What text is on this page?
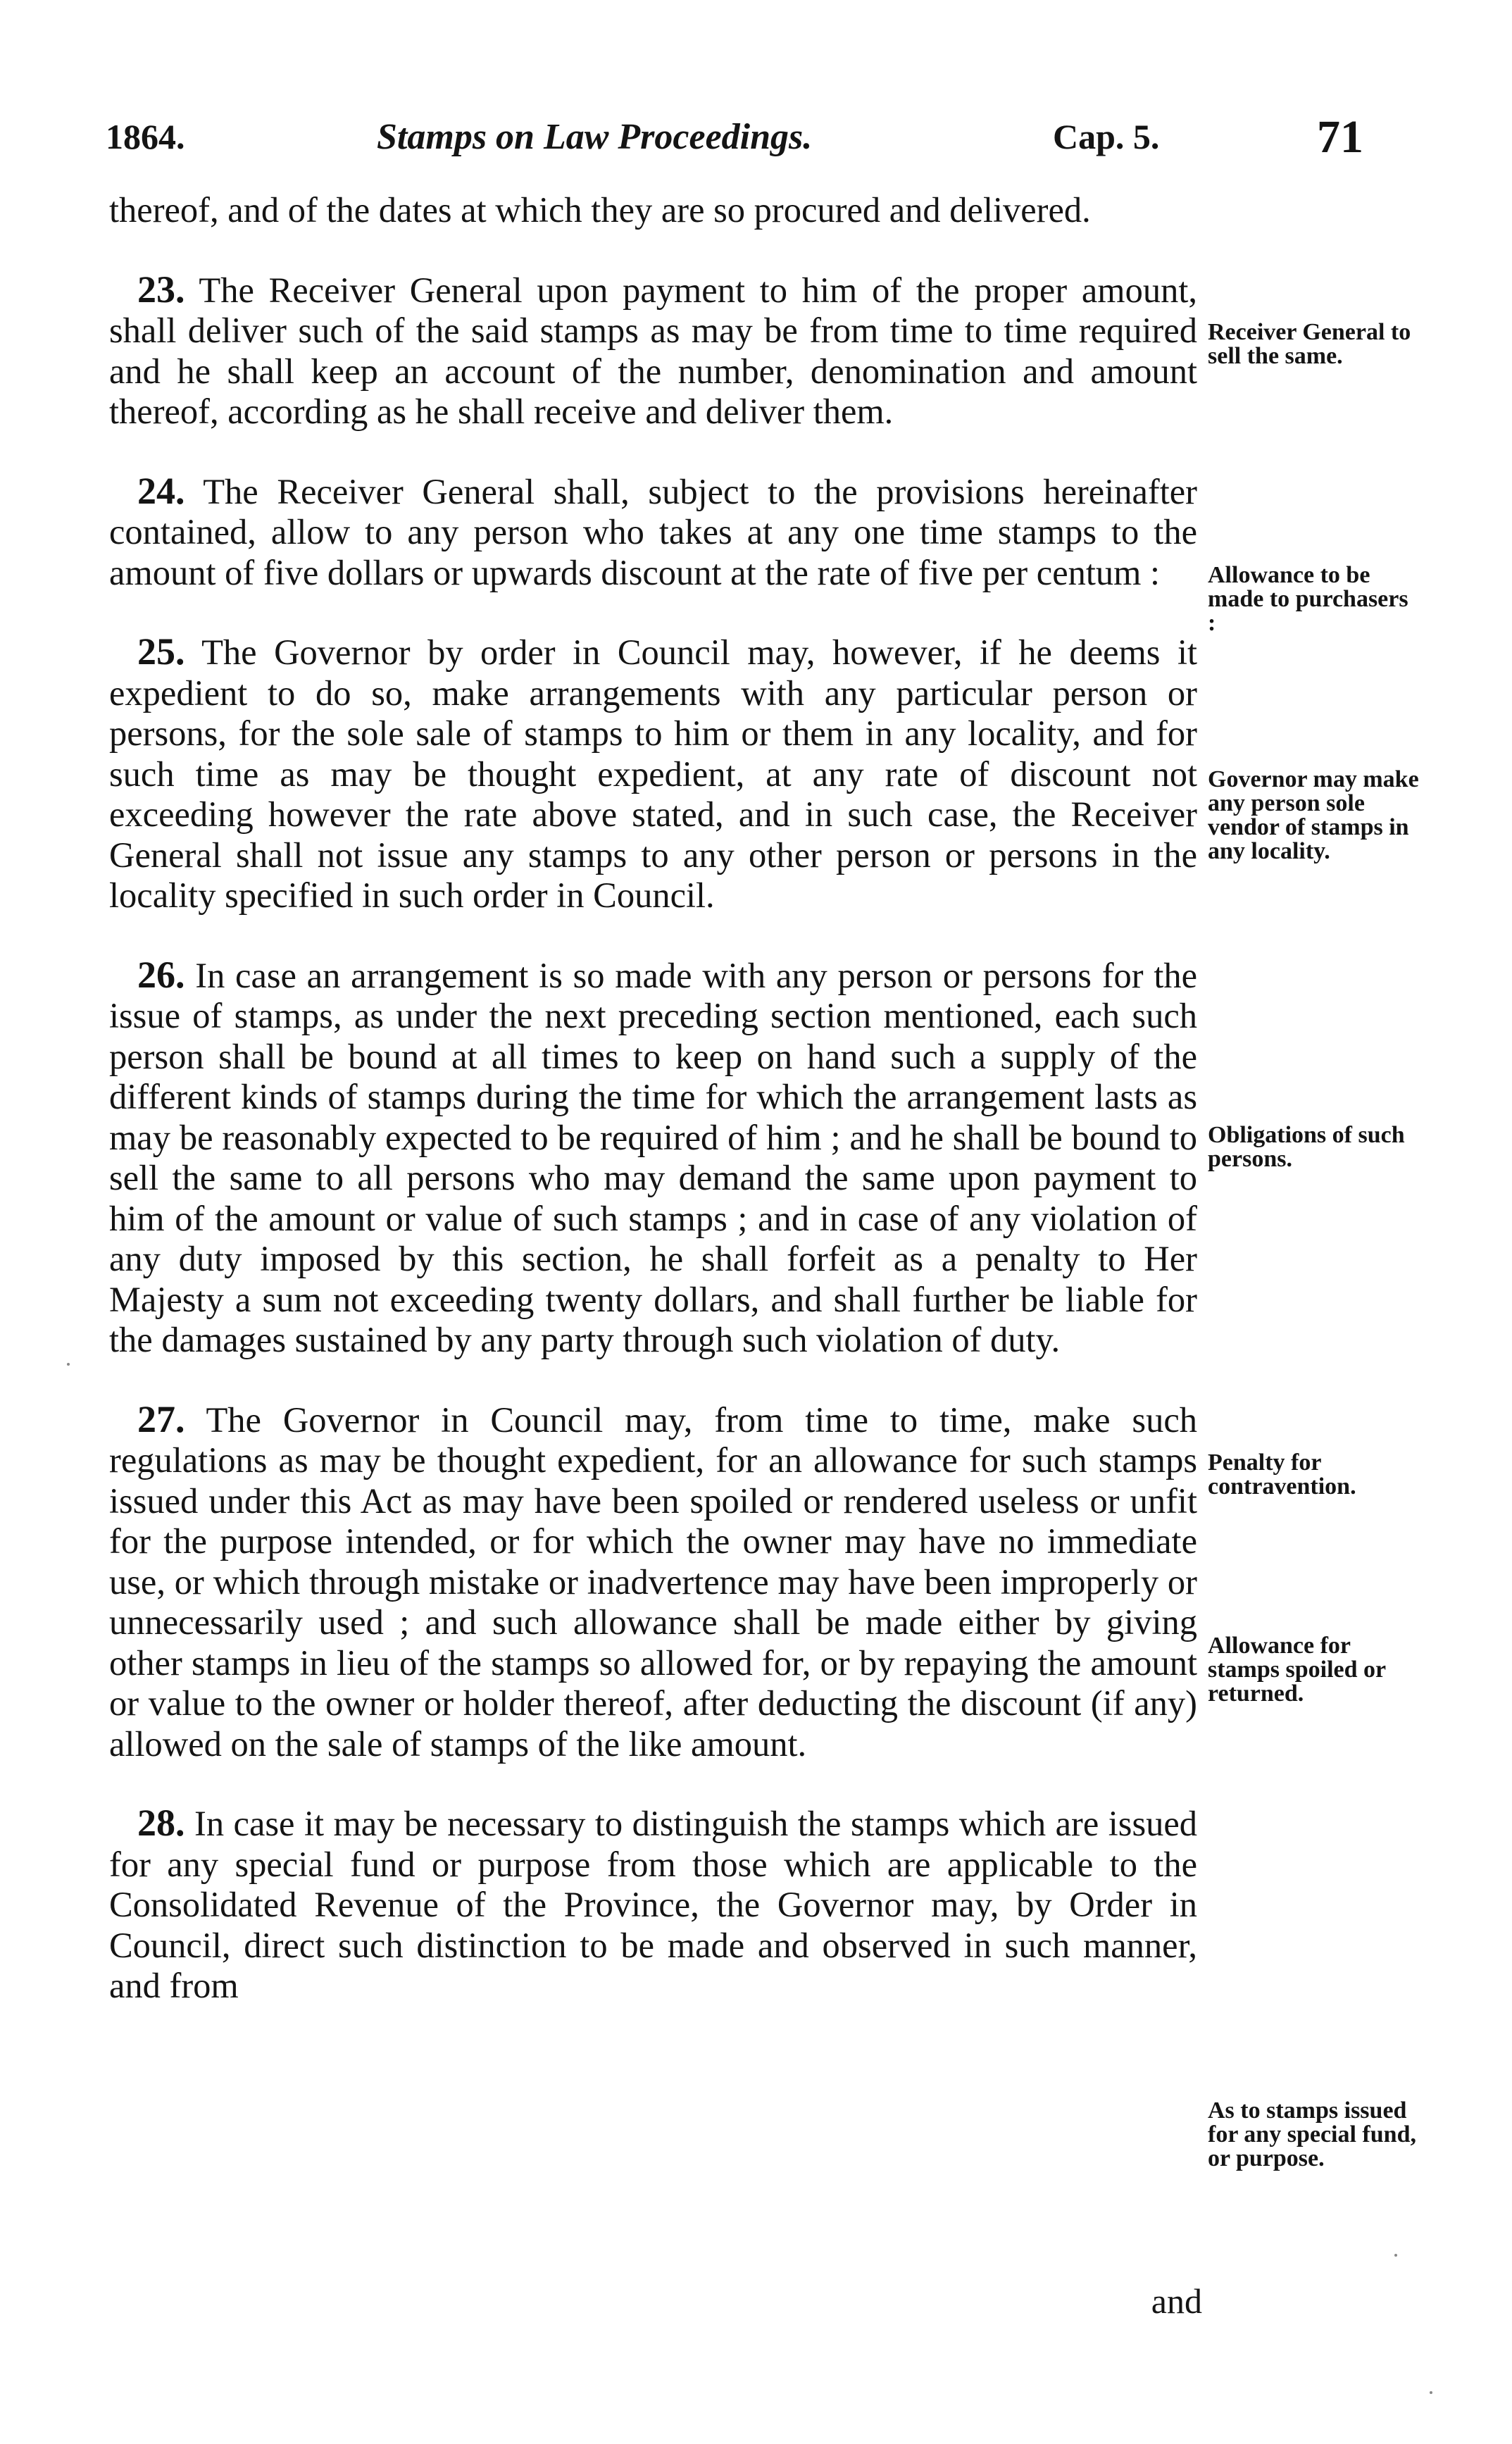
1864.	Stamps on Law Proceedings.	Cap. 5.	71

thereof, and of the dates at which they are so procured and delivered.

23. The Receiver General upon payment to him of the proper amount, shall deliver such of the said stamps as may be from time to time required and he shall keep an account of the number, denomination and amount thereof, according as he shall receive and deliver them.

24. The Receiver General shall, subject to the provisions hereinafter contained, allow to any person who takes at any one time stamps to the amount of five dollars or upwards discount at the rate of five per centum :

25. The Governor by order in Council may, however, if he deems it expedient to do so, make arrangements with any particular person or persons, for the sole sale of stamps to him or them in any locality, and for such time as may be thought expedient, at any rate of discount not exceeding however the rate above stated, and in such case, the Receiver General shall not issue any stamps to any other person or persons in the locality specified in such order in Council.

26. In case an arrangement is so made with any person or persons for the issue of stamps, as under the next preceding section mentioned, each such person shall be bound at all times to keep on hand such a supply of the different kinds of stamps during the time for which the arrangement lasts as may be reasonably expected to be required of him ; and he shall be bound to sell the same to all persons who may demand the same upon payment to him of the amount or value of such stamps ; and in case of any violation of any duty imposed by this section, he shall forfeit as a penalty to Her Majesty a sum not exceeding twenty dollars, and shall further be liable for the damages sustained by any party through such violation of duty.

27. The Governor in Council may, from time to time, make such regulations as may be thought expedient, for an allowance for such stamps issued under this Act as may have been spoiled or rendered useless or unfit for the purpose intended, or for which the owner may have no immediate use, or which through mistake or inadvertence may have been improperly or unnecessarily used ; and such allowance shall be made either by giving other stamps in lieu of the stamps so allowed for, or by repaying the amount or value to the owner or holder thereof, after deducting the discount (if any) allowed on the sale of stamps of the like amount.

28. In case it may be necessary to distinguish the stamps which are issued for any special fund or purpose from those which are applicable to the Consolidated Revenue of the Province, the Governor may, by Order in Council, direct such distinction to be made and observed in such manner, and from

and
Receiver General to sell the same.
Allowance to be made to purchasers :
Governor may make any person sole vendor of stamps in any locality.
Obligations of such persons.
Penalty for contravention.
Allowance for stamps spoiled or returned.
As to stamps issued for any special fund, or purpose.
